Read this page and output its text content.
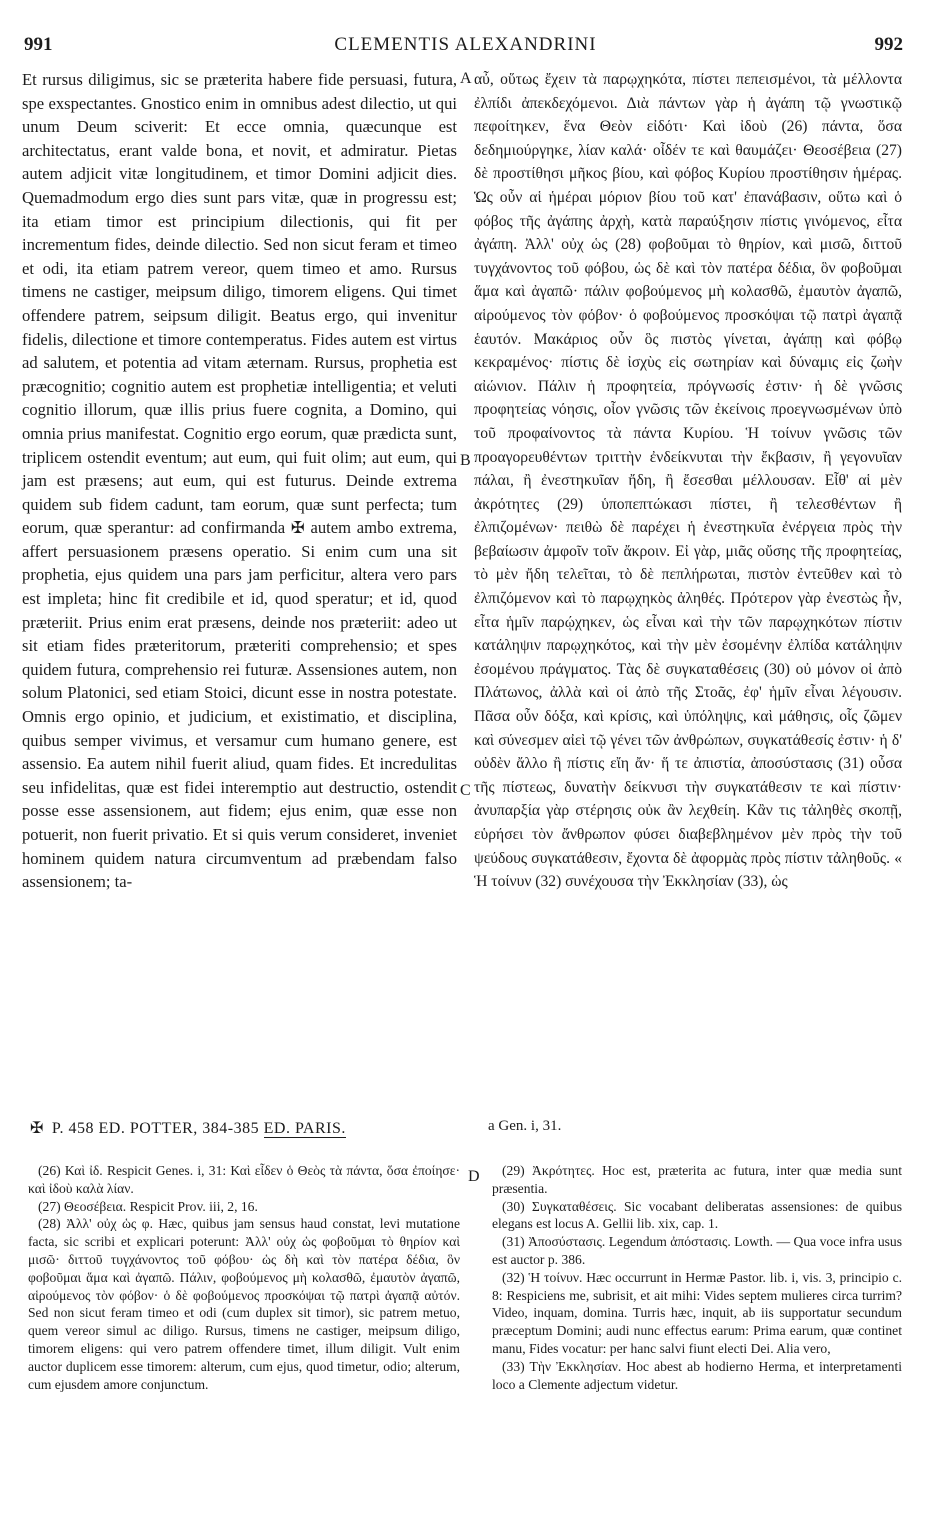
991	CLEMENTIS ALEXANDRINI	992

Et rursus diligimus, sic se præterita habere fide persuasi, futura, spe exspectantes. Gnostico enim in omnibus adest dilectio, ut qui unum Deum sciverit: Et ecce omnia, quæcunque est architectatus, erant valde bona, et novit, et admiratur. Pietas autem adjicit vitæ longitudinem, et timor Domini adjicit dies. Quemadmodum ergo dies sunt pars vitæ, quæ in progressu est; ita etiam timor est principium dilectionis, qui fit per incrementum fides, deinde dilectio. Sed non sicut feram et timeo et odi, ita etiam patrem vereor, quem timeo et amo. Rursus timens ne castiger, meipsum diligo, timorem eligens. Qui timet offendere patrem, seipsum diligit. Beatus ergo, qui invenitur fidelis, dilectione et timore contemperatus. Fides autem est virtus ad salutem, et potentia ad vitam æternam. Rursus, prophetia est præcognitio; cognitio autem est prophetiæ intelligentia; et veluti cognitio illorum, quæ illis prius fuere cognita, a Domino, qui omnia prius manifestat. Cognitio ergo eorum, quæ prædicta sunt, triplicem ostendit eventum; aut eum, qui fuit olim; aut eum, qui jam est præsens; aut eum, qui est futurus. Deinde extrema quidem sub fidem cadunt, tam eorum, quæ sunt perfecta; tum eorum, quæ sperantur: ad confirmanda ✠ autem ambo extrema, affert persuasionem præsens operatio. Si enim cum una sit prophetia, ejus quidem una pars jam perficitur, altera vero pars est impleta; hinc fit credibile et id, quod speratur; et id, quod præteriit. Prius enim erat præsens, deinde nos præteriit: adeo ut sit etiam fides præteritorum, præteriti comprehensio; et spes quidem futura, comprehensio rei futuræ. Assensiones autem, non solum Platonici, sed etiam Stoici, dicunt esse in nostra potestate. Omnis ergo opinio, et judicium, et existimatio, et disciplina, quibus semper vivimus, et versamur cum humano genere, est assensio. Ea autem nihil fuerit aliud, quam fides. Et incredulitas seu infidelitas, quæ est fidei interemptio aut destructio, ostendit posse esse assensionem, aut fidem; ejus enim, quæ esse non potuerit, non fuerit privatio. Et si quis verum consideret, inveniet hominem quidem natura circumventum ad præbendam falso assensionem; ta-

A
B
C
D

αὖ, οὕτως ἔχειν τὰ παρῳχηκότα, πίστει πεπεισμένοι, τὰ μέλλοντα ἐλπίδι ἀπεκδεχόμενοι. Διὰ πάντων γὰρ ἡ ἀγάπη τῷ γνωστικῷ πεφοίτηκεν, ἕνα Θεὸν εἰδότι· Καὶ ἰδοὺ (26) πάντα, ὅσα δεδημιούργηκε, λίαν καλά· οἶδέν τε καὶ θαυμάζει· Θεοσέβεια (27) δὲ προστίθησι μῆκος βίου, καὶ φόβος Κυρίου προστίθησιν ἡμέρας. Ὡς οὖν αἱ ἡμέραι μόριον βίου τοῦ κατ' ἐπανάβασιν, οὕτω καὶ ὁ φόβος τῆς ἀγάπης ἀρχὴ, κατὰ παραύξησιν πίστις γινόμενος, εἶτα ἀγάπη. Ἀλλ' οὐχ ὡς (28) φοβοῦμαι τὸ θηρίον, καὶ μισῶ, διττοῦ τυγχάνοντος τοῦ φόβου, ὡς δὲ καὶ τὸν πατέρα δέδια, ὃν φοβοῦμαι ἅμα καὶ ἀγαπῶ· πάλιν φοβούμενος μὴ κολασθῶ, ἐμαυτὸν ἀγαπῶ, αἱρούμενος τὸν φόβον· ὁ φοβούμενος προσκόψαι τῷ πατρὶ ἀγαπᾷ ἑαυτόν. Μακάριος οὖν ὃς πιστὸς γίνεται, ἀγάπῃ καὶ φόβῳ κεκραμένος· πίστις δὲ ἰσχὺς εἰς σωτηρίαν καὶ δύναμις εἰς ζωὴν αἰώνιον. Πάλιν ἡ προφητεία, πρόγνωσίς ἐστιν· ἡ δὲ γνῶσις προφητείας νόησις, οἷον γνῶσις τῶν ἐκείνοις προεγνωσμένων ὑπὸ τοῦ προφαίνοντος τὰ πάντα Κυρίου. Ἡ τοίνυν γνῶσις τῶν προαγορευθέντων τριττὴν ἐνδείκνυται τὴν ἔκβασιν, ἢ γεγονυῖαν πάλαι, ἢ ἐνεστηκυῖαν ἤδη, ἢ ἔσεσθαι μέλλουσαν. Εἶθ' αἱ μὲν ἀκρότητες (29) ὑποπεπτώκασι πίστει, ἢ τελεσθέντων ἢ ἐλπιζομένων· πειθὼ δὲ παρέχει ἡ ἐνεστηκυῖα ἐνέργεια πρὸς τὴν βεβαίωσιν ἀμφοῖν τοῖν ἄκροιν. Εἰ γὰρ, μιᾶς οὔσης τῆς προφητείας, τὸ μὲν ἤδη τελεῖται, τὸ δὲ πεπλήρωται, πιστὸν ἐντεῦθεν καὶ τὸ ἐλπιζόμενον καὶ τὸ παρῳχηκὸς ἀληθές. Πρότερον γὰρ ἐνεστὼς ἦν, εἶτα ἡμῖν παρῴχηκεν, ὡς εἶναι καὶ τὴν τῶν παρῳχηκότων πίστιν κατάληψιν παρῳχηκότος, καὶ τὴν μὲν ἐσομένην ἐλπίδα κατάληψιν ἐσομένου πράγματος. Τὰς δὲ συγκαταθέσεις (30) οὐ μόνον οἱ ἀπὸ Πλάτωνος, ἀλλὰ καὶ οἱ ἀπὸ τῆς Στοᾶς, ἐφ' ἡμῖν εἶναι λέγουσιν. Πᾶσα οὖν δόξα, καὶ κρίσις, καὶ ὑπόληψις, καὶ μάθησις, οἷς ζῶμεν καὶ σύνεσμεν αἰεὶ τῷ γένει τῶν ἀνθρώπων, συγκατάθεσίς ἐστιν· ἡ δ' οὐδὲν ἄλλο ἢ πίστις εἴη ἄν· ἥ τε ἀπιστία, ἀποσύστασις (31) οὖσα τῆς πίστεως, δυνατὴν δείκνυσι τὴν συγκατάθεσιν τε καὶ πίστιν· ἀνυπαρξία γὰρ στέρησις οὐκ ἂν λεχθείη. Κἂν τις τἀληθὲς σκοπῇ, εὑρήσει τὸν ἄνθρωπον φύσει διαβεβλημένον μὲν πρὸς τὴν τοῦ ψεύδους συγκατάθεσιν, ἔχοντα δὲ ἀφορμὰς πρὸς πίστιν τἀληθοῦς. « Ἡ τοίνυν (32) συνέχουσα τὴν Ἐκκλησίαν (33), ὡς

✠ P. 458 ED. POTTER, 384-385 ED. PARIS.	a Gen. i, 31.

(26) Καὶ ἰδ. Respicit Genes. i, 31: Καὶ εἶδεν ὁ Θεὸς τὰ πάντα, ὅσα ἐποίησε· καὶ ἰδοὺ καλὰ λίαν.

(27) Θεοσέβεια. Respicit Prov. iii, 2, 16.

(28) Ἀλλ' οὐχ ὡς φ. Hæc, quibus jam sensus haud constat, levi mutatione facta, sic scribi et explicari poterunt: Ἀλλ' οὐχ ὡς φοβοῦμαι τὸ θηρίον καὶ μισῶ· διττοῦ τυγχάνοντος τοῦ φόβου· ὡς δὴ καὶ τὸν πατέρα δέδια, ὃν φοβοῦμαι ἅμα καὶ ἀγαπῶ. Πάλιν, φοβούμενος μὴ κολασθῶ, ἐμαυτὸν ἀγαπῶ, αἱρούμενος τὸν φόβον· ὁ δὲ φοβούμενος προσκόψαι τῷ πατρὶ ἀγαπᾷ αὐτόν. Sed non sicut feram timeo et odi (cum duplex sit timor), sic patrem metuo, quem vereor simul ac diligo. Rursus, timens ne castiger, meipsum diligo, timorem eligens: qui vero patrem offendere timet, illum diligit. Vult enim auctor duplicem esse timorem: alterum, cum ejus, quod timetur, odio; alterum, cum ejusdem amore conjunctum.

(29) Ἀκρότητες. Hoc est, præterita ac futura, inter quæ media sunt præsentia.

(30) Συγκαταθέσεις. Sic vocabant deliberatas assensiones: de quibus elegans est locus A. Gellii lib. xix, cap. 1.

(31) Ἀποσύστασις. Legendum ἀπόστασις. Lowth. — Qua voce infra usus est auctor p. 386.

(32) Ἡ τοίνυν. Hæc occurrunt in Hermæ Pastor. lib. i, vis. 3, principio c. 8: Respiciens me, subrisit, et ait mihi: Vides septem mulieres circa turrim? Video, inquam, domina. Turris hæc, inquit, ab iis supportatur secundum præceptum Domini; audi nunc effectus earum: Prima earum, quæ continet manu, Fides vocatur: per hanc salvi fiunt electi Dei. Alia vero,

(33) Τὴν Ἐκκλησίαν. Hoc abest ab hodierno Herma, et interpretamenti loco a Clemente adjectum videtur.
